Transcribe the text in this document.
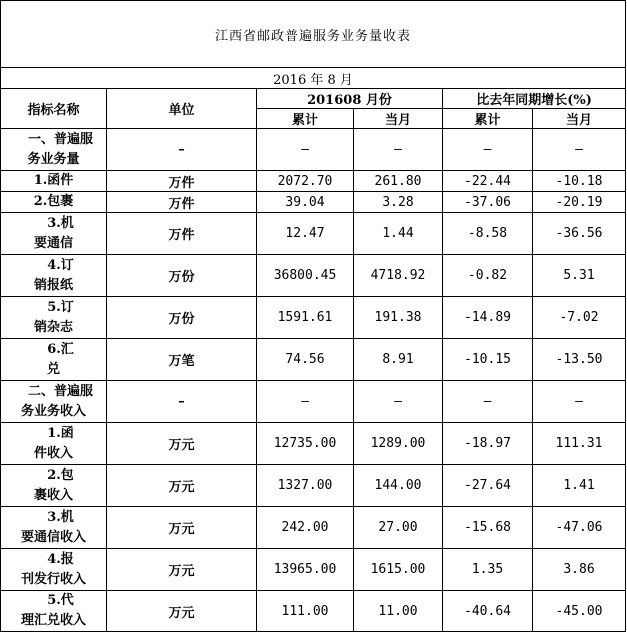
江西省邮政普遍服务业务量收表					
2016 年 8 月					
指标名称	单位	201608 月份		比去年同期增长(%)	
		累计	当月	累计	当月

一、普遍服
务业务量	–	–	–	–	–

1.函件	万件	2072.70	261.80	-22.44	-10.18

2.包裹	万件	39.04	3.28	-37.06	-20.19

3.机
要通信	万件	12.47	1.44	-8.58	-36.56

4.订
销报纸	万份	36800.45	4718.92	-0.82	5.31

5.订
销杂志	万份	1591.61	191.38	-14.89	-7.02

6.汇
兑	万笔	74.56	8.91	-10.15	-13.50

二、普遍服
务业务收入	–	–	–	–	–

1.函
件收入	万元	12735.00	1289.00	-18.97	111.31

2.包
裹收入	万元	1327.00	144.00	-27.64	1.41

3.机
要通信收入	万元	242.00	27.00	-15.68	-47.06

4.报
刊发行收入	万元	13965.00	1615.00	1.35	3.86

5.代
理汇兑收入	万元	111.00	11.00	-40.64	-45.00
